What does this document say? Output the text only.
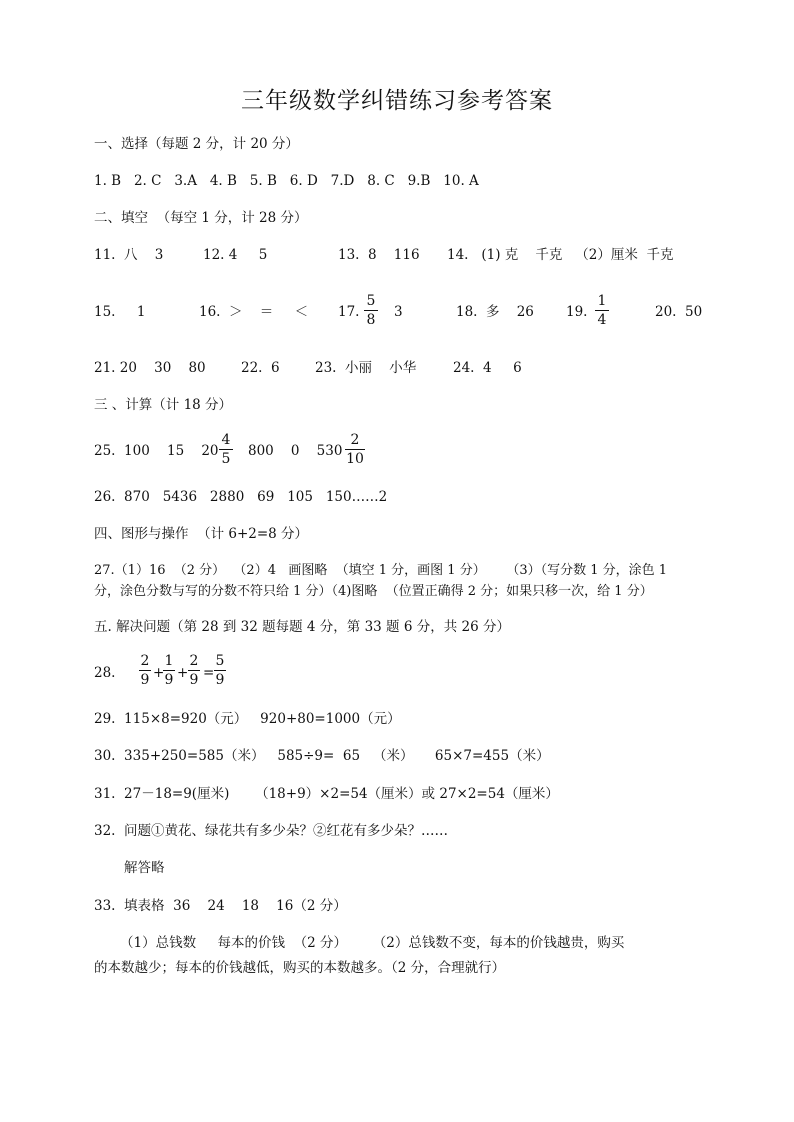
三年级数学纠错练习参考答案
一、选择（每题 2 分，计 20 分）
1. B   2. C   3.A   4. B   5. B   6. D   7.D   8. C   9.B   10. A
二、填空  （每空 1 分，计 28 分）
11.  八    3	12. 4     5	13.  8    116 14.   (1) 克    千克   （2）厘米  千克
15.     1	16.  ＞    ＝     ＜ 17.
5
8 3	18.  多    26 19.
1
4	20.  50
21. 20    30    80	22.  6	23.  小丽    小华	24.  4     6
三 、计算（计 18 分）
25.  100    15    20
4
5 800    0    530
2
10
26.  870   5436   2880   69   105   150……2
四、图形与操作  （计 6+2=8 分）
27.（1）16  （2 分）  （2）4   画图略  （填空 1 分，画图 1 分）     （3）（写分数 1 分，涂色 1
分，涂色分数与写的分数不符只给 1 分）（4)图略  （位置正确得 2 分；如果只移一次，给 1 分）
五. 解决问题（第 28 到 32 题每题 4 分，第 33 题 6 分，共 26 分）
28.
2
9 +
1
9 +
2
9 =
5
9
29.  115×8=920（元）   920+80=1000（元）
30.  335+250=585（米）   585÷9=  65   （米）     65×7=455（米）
31.  27－18=9(厘米)      （18+9）×2=54（厘米）或 27×2=54（厘米）
32.  问题①黄花、绿花共有多少朵？②红花有多少朵？……
解答略
33.  填表格  36    24    18    16（2 分）
（1）总钱数     每本的价钱  （2 分）      （2）总钱数不变，每本的价钱越贵，购买
的本数越少；每本的价钱越低，购买的本数越多。（2 分，合理就行）
